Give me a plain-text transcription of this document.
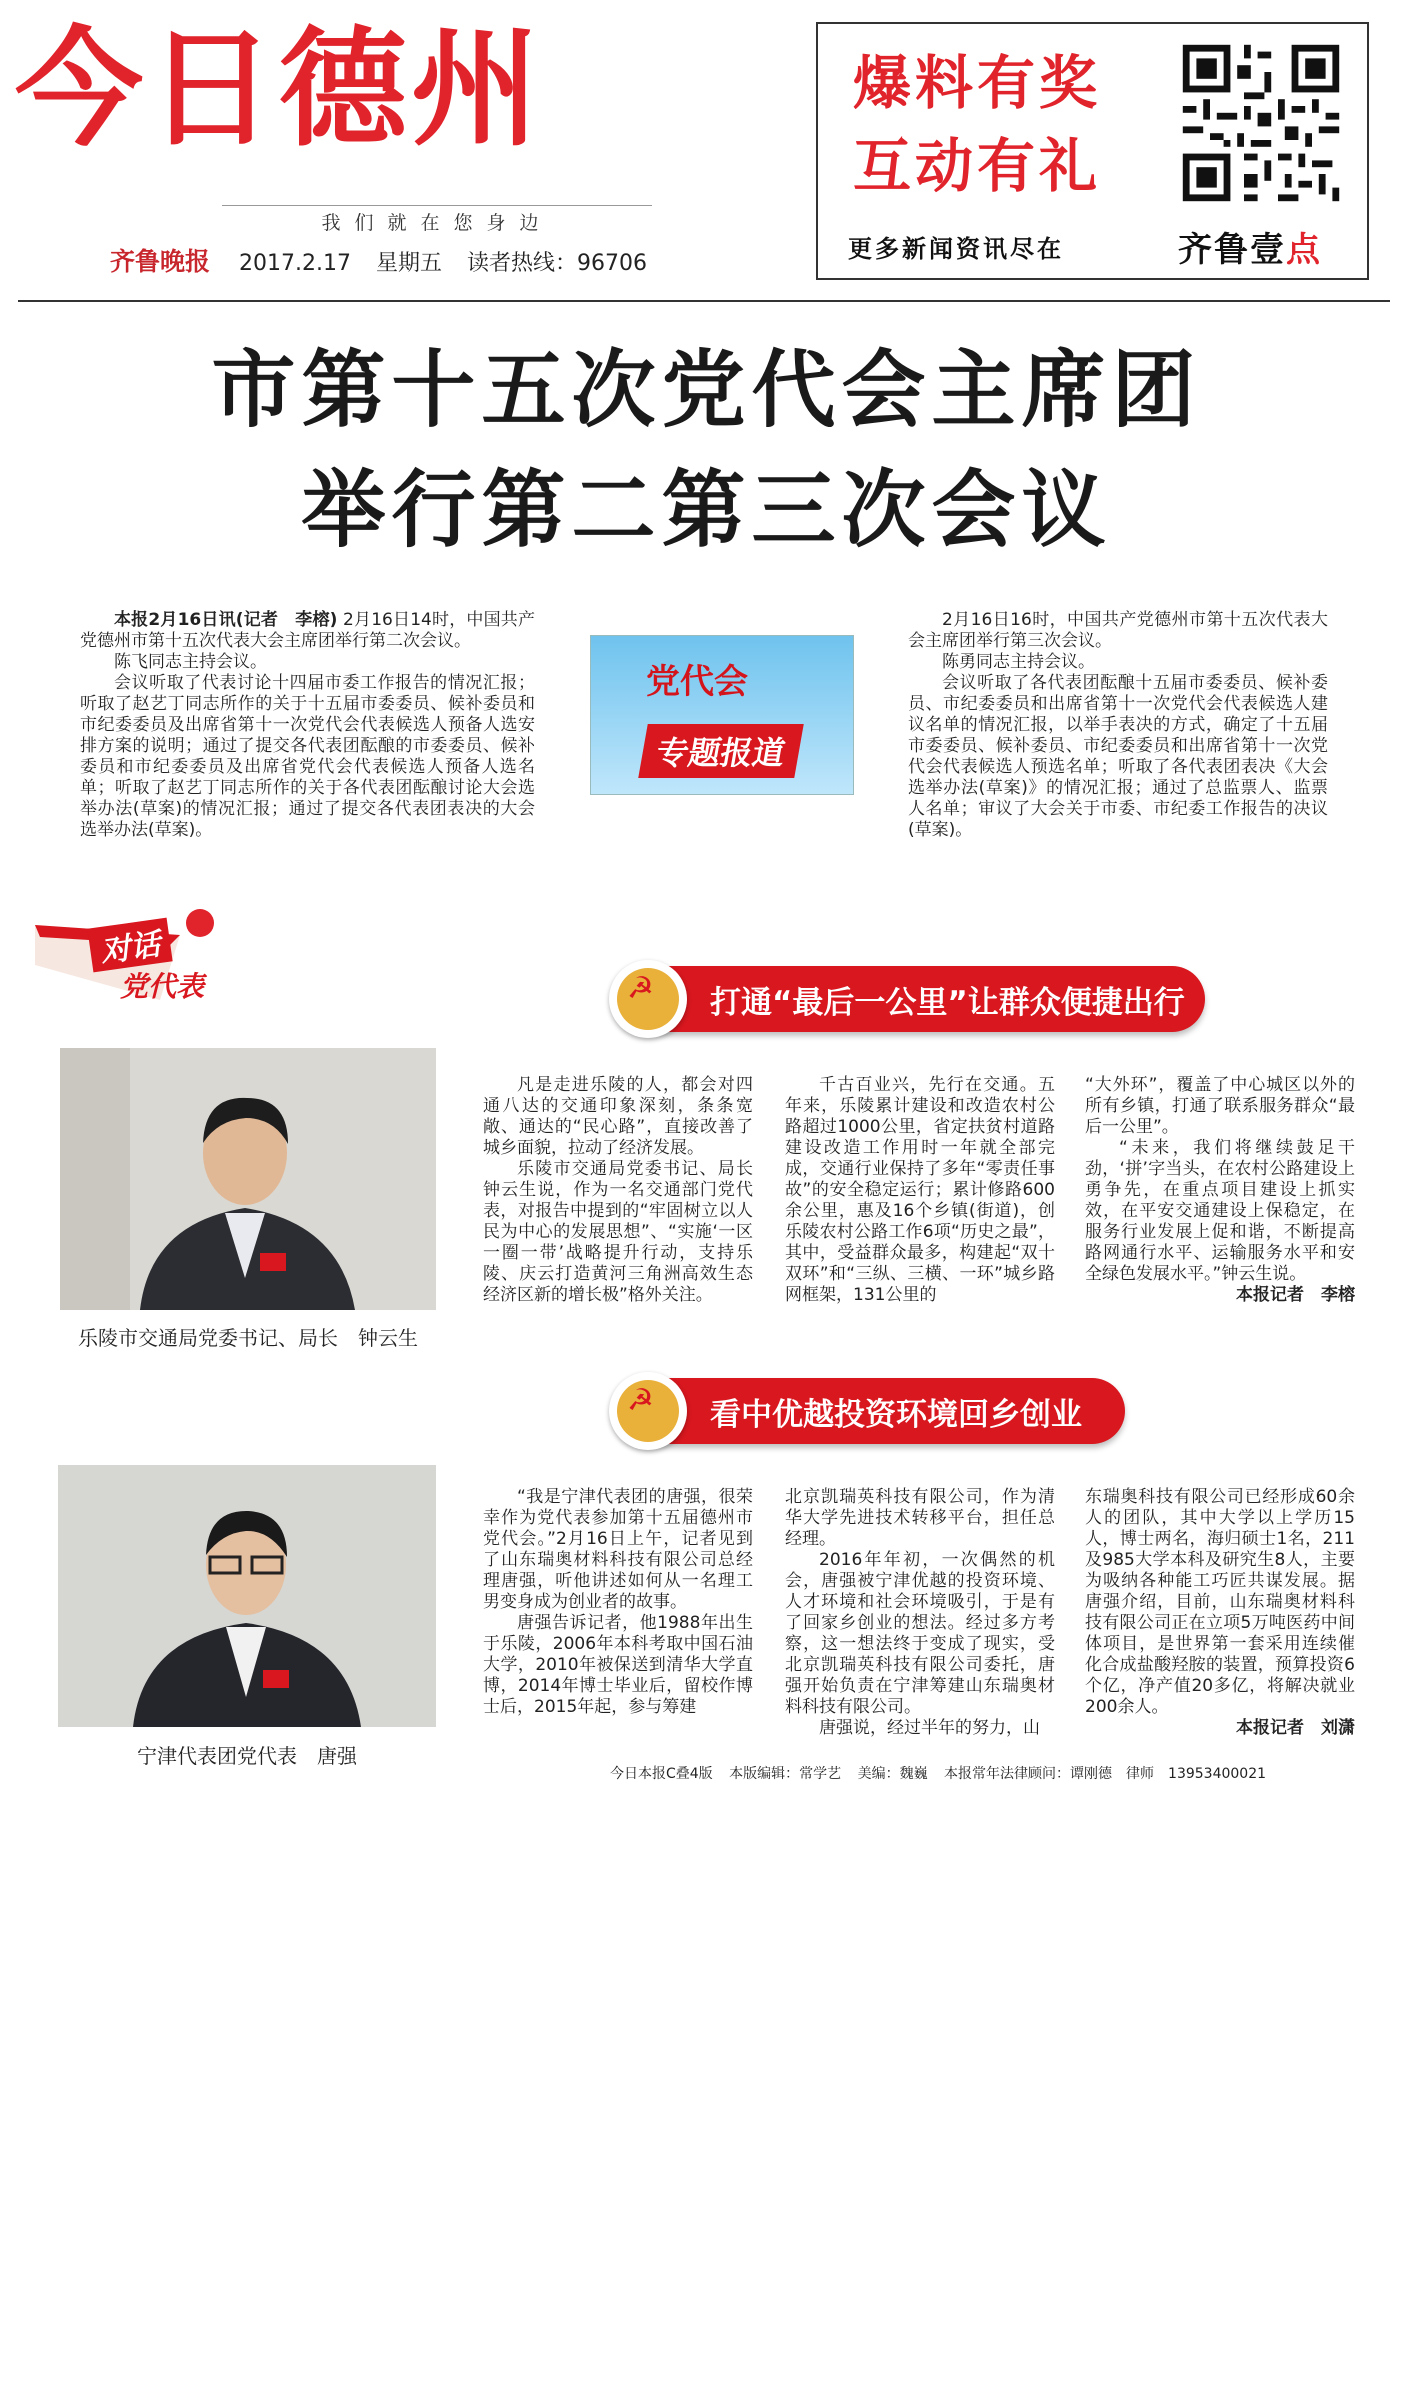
今日德州
我们就在您身边
齐鲁晚报 2017.2.17 星期五 读者热线：96706
爆料有奖
互动有礼
更多新闻资讯尽在	齐鲁壹点
市第十五次党代会主席团
举行第二第三次会议

本报2月16日讯(记者　李榕) 2月16日14时，中国共产党德州市第十五次代表大会主席团举行第二次会议。

陈飞同志主持会议。

会议听取了代表讨论十四届市委工作报告的情况汇报；听取了赵艺丁同志所作的关于十五届市委委员、候补委员和市纪委委员及出席省第十一次党代会代表候选人预备人选安排方案的说明；通过了提交各代表团酝酿的市委委员、候补委员和市纪委委员及出席省党代会代表候选人预备人选名单；听取了赵艺丁同志所作的关于各代表团酝酿讨论大会选举办法(草案)的情况汇报；通过了提交各代表团表决的大会选举办法(草案)。

党代会
专题报道

2月16日16时，中国共产党德州市第十五次代表大会主席团举行第三次会议。

陈勇同志主持会议。

会议听取了各代表团酝酿十五届市委委员、候补委员、市纪委委员和出席省第十一次党代会代表候选人建议名单的情况汇报，以举手表决的方式，确定了十五届市委委员、候补委员、市纪委委员和出席省第十一次党代会代表候选人预选名单；听取了各代表团表决《大会选举办法(草案)》的情况汇报；通过了总监票人、监票人名单；审议了大会关于市委、市纪委工作报告的决议(草案)。

对话
党代表	☭ 打通“最后一公里”让群众便捷出行
乐陵市交通局党委书记、局长　钟云生

凡是走进乐陵的人，都会对四通八达的交通印象深刻，条条宽敞、通达的“民心路”，直接改善了城乡面貌，拉动了经济发展。

乐陵市交通局党委书记、局长钟云生说，作为一名交通部门党代表，对报告中提到的“牢固树立以人民为中心的发展思想”、“实施‘一区一圈一带’战略提升行动，支持乐陵、庆云打造黄河三角洲高效生态经济区新的增长极”格外关注。

千古百业兴，先行在交通。五年来，乐陵累计建设和改造农村公路超过1000公里，省定扶贫村道路建设改造工作用时一年就全部完成，交通行业保持了多年“零责任事故”的安全稳定运行；累计修路600余公里，惠及16个乡镇(街道)，创乐陵农村公路工作6项“历史之最”，其中，受益群众最多，构建起“双十双环”和“三纵、三横、一环”城乡路网框架，131公里的

“大外环”，覆盖了中心城区以外的所有乡镇，打通了联系服务群众“最后一公里”。

“未来，我们将继续鼓足干劲，‘拼’字当头，在农村公路建设上勇争先，在重点项目建设上抓实效，在平安交通建设上保稳定，在服务行业发展上促和谐，不断提高路网通行水平、运输服务水平和安全绿色发展水平。”钟云生说。

本报记者　李榕
☭ 看中优越投资环境回乡创业
宁津代表团党代表　唐强

“我是宁津代表团的唐强，很荣幸作为党代表参加第十五届德州市党代会。”2月16日上午，记者见到了山东瑞奥材料科技有限公司总经理唐强，听他讲述如何从一名理工男变身成为创业者的故事。

唐强告诉记者，他1988年出生于乐陵，2006年本科考取中国石油大学，2010年被保送到清华大学直博，2014年博士毕业后，留校作博士后，2015年起，参与筹建

北京凯瑞英科技有限公司，作为清华大学先进技术转移平台，担任总经理。

2016年年初，一次偶然的机会，唐强被宁津优越的投资环境、人才环境和社会环境吸引，于是有了回家乡创业的想法。经过多方考察，这一想法终于变成了现实，受北京凯瑞英科技有限公司委托，唐强开始负责在宁津筹建山东瑞奥材料科技有限公司。

唐强说，经过半年的努力，山

东瑞奥科技有限公司已经形成60余人的团队，其中大学以上学历15人，博士两名，海归硕士1名，211及985大学本科及研究生8人，主要为吸纳各种能工巧匠共谋发展。据唐强介绍，目前，山东瑞奥材料科技有限公司正在立项5万吨医药中间体项目，是世界第一套采用连续催化合成盐酸羟胺的装置，预算投资6个亿，净产值20多亿，将解决就业200余人。

本报记者　刘潇
今日本报C叠4版 本版编辑：常学艺 美编：魏巍 本报常年法律顾问：谭刚德　律师　13953400021
